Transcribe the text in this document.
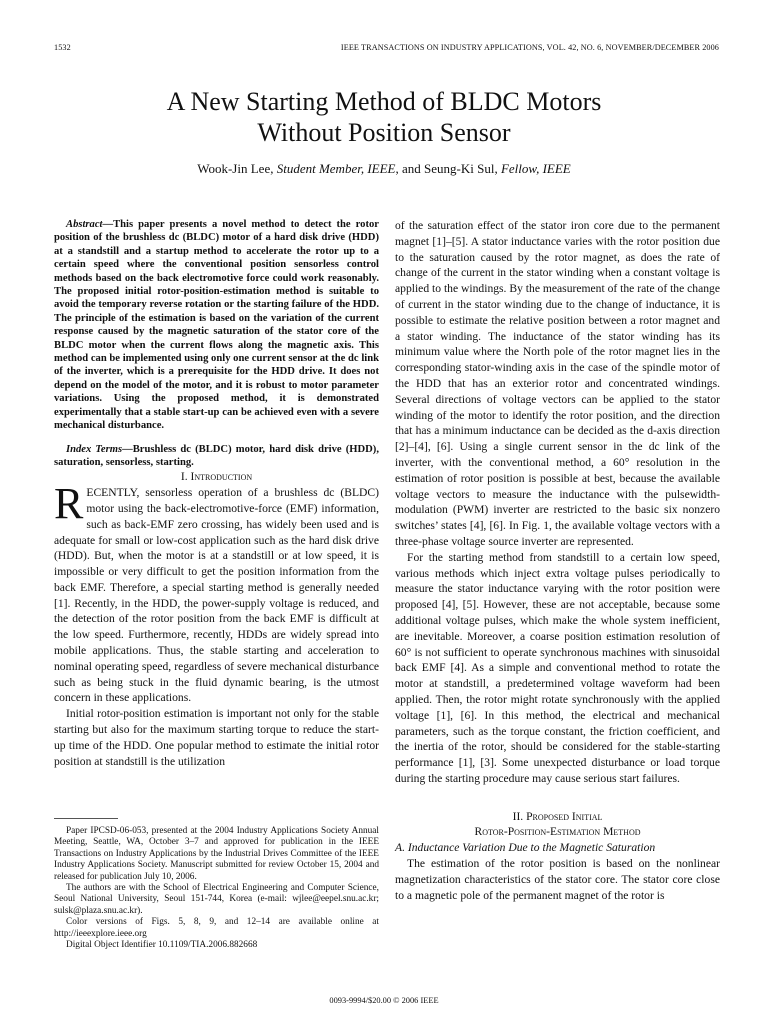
1532	IEEE TRANSACTIONS ON INDUSTRY APPLICATIONS, VOL. 42, NO. 6, NOVEMBER/DECEMBER 2006
A New Starting Method of BLDC Motors
Without Position Sensor
Wook-Jin Lee, Student Member, IEEE, and Seung-Ki Sul, Fellow, IEEE

Abstract—This paper presents a novel method to detect the rotor position of the brushless dc (BLDC) motor of a hard disk drive (HDD) at a standstill and a startup method to accelerate the rotor up to a certain speed where the conventional position sensorless control methods based on the back electromotive force could work reasonably. The proposed initial rotor-position-estimation method is suitable to avoid the temporary reverse rotation or the starting failure of the HDD. The principle of the estimation is based on the variation of the current response caused by the magnetic saturation of the stator core of the BLDC motor when the current flows along the magnetic axis. This method can be implemented using only one current sensor at the dc link of the inverter, which is a prerequisite for the HDD drive. It does not depend on the model of the motor, and it is robust to motor parameter variations. Using the proposed method, it is demonstrated experimentally that a stable start-up can be achieved even with a severe mechanical disturbance.

Index Terms—Brushless dc (BLDC) motor, hard disk drive (HDD), saturation, sensorless, starting.

I. Introduction

RECENTLY, sensorless operation of a brushless dc (BLDC) motor using the back-electromotive-force (EMF) information, such as back-EMF zero crossing, has widely been used and is adequate for small or low-cost application such as the hard disk drive (HDD). But, when the motor is at a standstill or at low speed, it is impossible or very difficult to get the position information from the back EMF. Therefore, a special starting method is generally needed [1]. Recently, in the HDD, the power-supply voltage is reduced, and the detection of the rotor position from the back EMF is difficult at the low speed. Furthermore, recently, HDDs are widely spread into mobile applications. Thus, the stable starting and acceleration to nominal operating speed, regardless of severe mechanical disturbance such as being stuck in the fluid dynamic bearing, is the utmost concern in these applications.

Initial rotor-position estimation is important not only for the stable starting but also for the maximum starting torque to reduce the start-up time of the HDD. One popular method to estimate the initial rotor position at standstill is the utilization

Paper IPCSD-06-053, presented at the 2004 Industry Applications Society Annual Meeting, Seattle, WA, October 3–7 and approved for publication in the IEEE Transactions on Industry Applications by the Industrial Drives Committee of the IEEE Industry Applications Society. Manuscript submitted for review October 15, 2004 and released for publication July 10, 2006.

The authors are with the School of Electrical Engineering and Computer Science, Seoul National University, Seoul 151-744, Korea (e-mail: wjlee@eepel.snu.ac.kr; sulsk@plaza.snu.ac.kr).

Color versions of Figs. 5, 8, 9, and 12–14 are available online at http://ieeexplore.ieee.org

Digital Object Identifier 10.1109/TIA.2006.882668

of the saturation effect of the stator iron core due to the permanent magnet [1]–[5]. A stator inductance varies with the rotor position due to the saturation caused by the rotor magnet, as does the rate of change of the current in the stator winding when a constant voltage is applied to the windings. By the measurement of the rate of the change of current in the stator winding due to the change of inductance, it is possible to estimate the relative position between a rotor magnet and a stator winding. The inductance of the stator winding has its minimum value where the North pole of the rotor magnet lies in the corresponding stator-winding axis in the case of the spindle motor of the HDD that has an exterior rotor and concentrated windings. Several directions of voltage vectors can be applied to the stator winding of the motor to identify the rotor position, and the direction that has a minimum inductance can be decided as the d-axis direction [2]–[4], [6]. Using a single current sensor in the dc link of the inverter, with the conventional method, a 60° resolution in the estimation of rotor position is possible at best, because the available voltage vectors to measure the inductance with the pulsewidth-modulation (PWM) inverter are restricted to the basic six nonzero switches’ states [4], [6]. In Fig. 1, the available voltage vectors with a three-phase voltage source inverter are represented.

For the starting method from standstill to a certain low speed, various methods which inject extra voltage pulses periodically to measure the stator inductance varying with the rotor position were proposed [4], [5]. However, these are not acceptable, because some additional voltage pulses, which make the whole system inefficient, are inevitable. Moreover, a coarse position estimation resolution of 60° is not sufficient to operate synchronous machines with sinusoidal back EMF [4]. As a simple and conventional method to rotate the motor at standstill, a predetermined voltage waveform had been applied. Then, the rotor might rotate synchronously with the applied voltage [1], [6]. In this method, the electrical and mechanical parameters, such as the torque constant, the friction coefficient, and the inertia of the rotor, should be considered for the stable-starting performance [1], [3]. Some unexpected disturbance or load torque during the starting procedure may cause serious start failures.

II. Proposed Initial

Rotor-Position-Estimation Method

A. Inductance Variation Due to the Magnetic Saturation

The estimation of the rotor position is based on the nonlinear magnetization characteristics of the stator core. The stator core close to a magnetic pole of the permanent magnet of the rotor is

0093-9994/$20.00 © 2006 IEEE
